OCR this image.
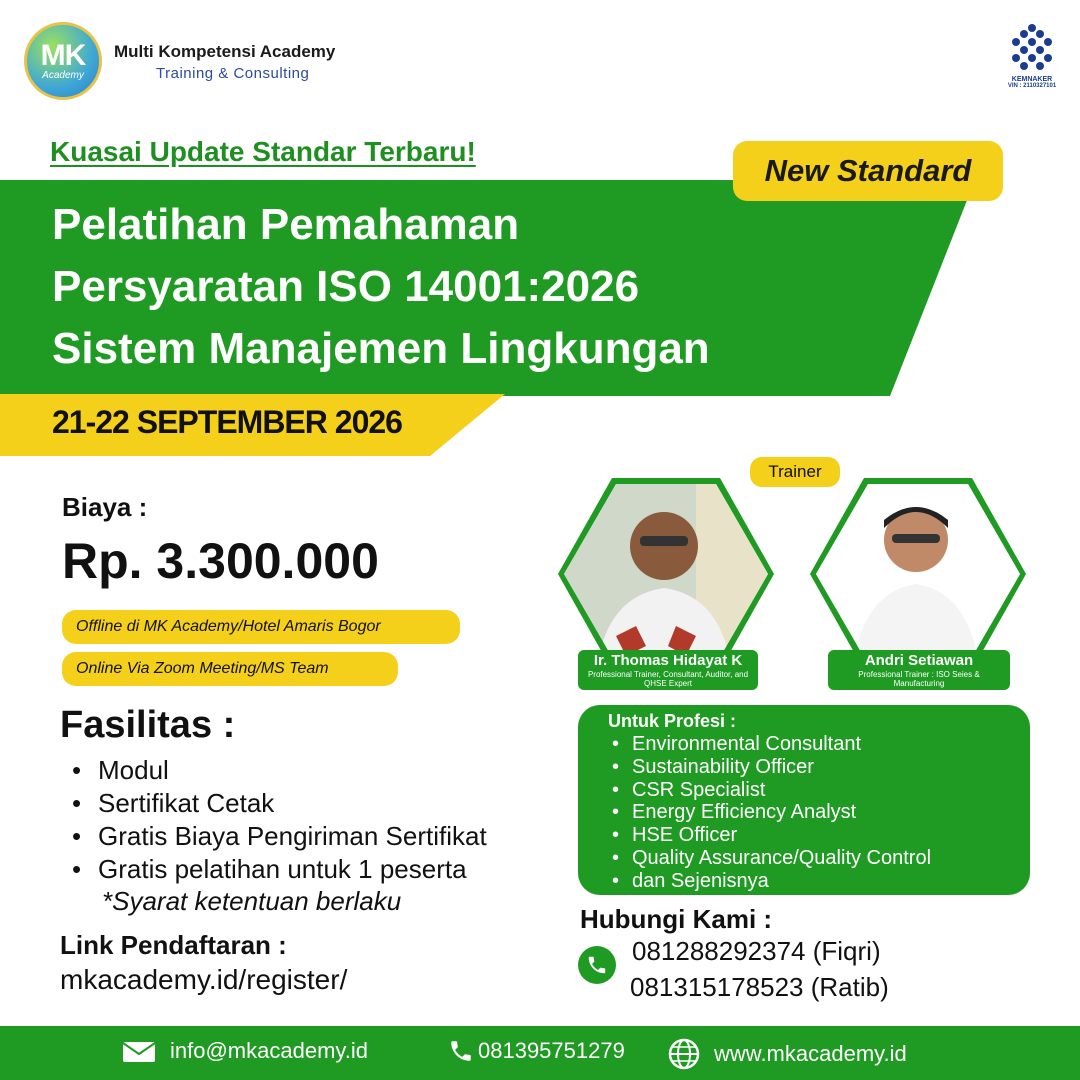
MK
Academy
Multi Kompetensi Academy
Training & Consulting	KEMNAKER
VIN : 2110327101
Kuasai Update Standar Terbaru!
Pelatihan Pemahaman
Persyaratan ISO 14001:2026
Sistem Manajemen Lingkungan
New Standard
21-22 SEPTEMBER 2026
Biaya :
Rp. 3.300.000
Offline di MK Academy/Hotel Amaris Bogor
Online Via Zoom Meeting/MS Team
Fasilitas :
• Modul
• Sertifikat Cetak
• Gratis Biaya Pengiriman Sertifikat
• Gratis pelatihan untuk 1 peserta
*Syarat ketentuan berlaku
Link Pendaftaran :
mkacademy.id/register/
Trainer
Ir. Thomas Hidayat K
Professional Trainer, Consultant, Auditor, and QHSE Expert
Andri Setiawan
Professional Trainer : ISO Seies & Manufacturing
Untuk Profesi :
• Environmental Consultant
• Sustainability Officer
• CSR Specialist
• Energy Efficiency Analyst
• HSE Officer
• Quality Assurance/Quality Control
• dan Sejenisnya
Hubungi Kami :
081288292374 (Fiqri)
081315178523 (Ratib)
info@mkacademy.id	081395751279	www.mkacademy.id
